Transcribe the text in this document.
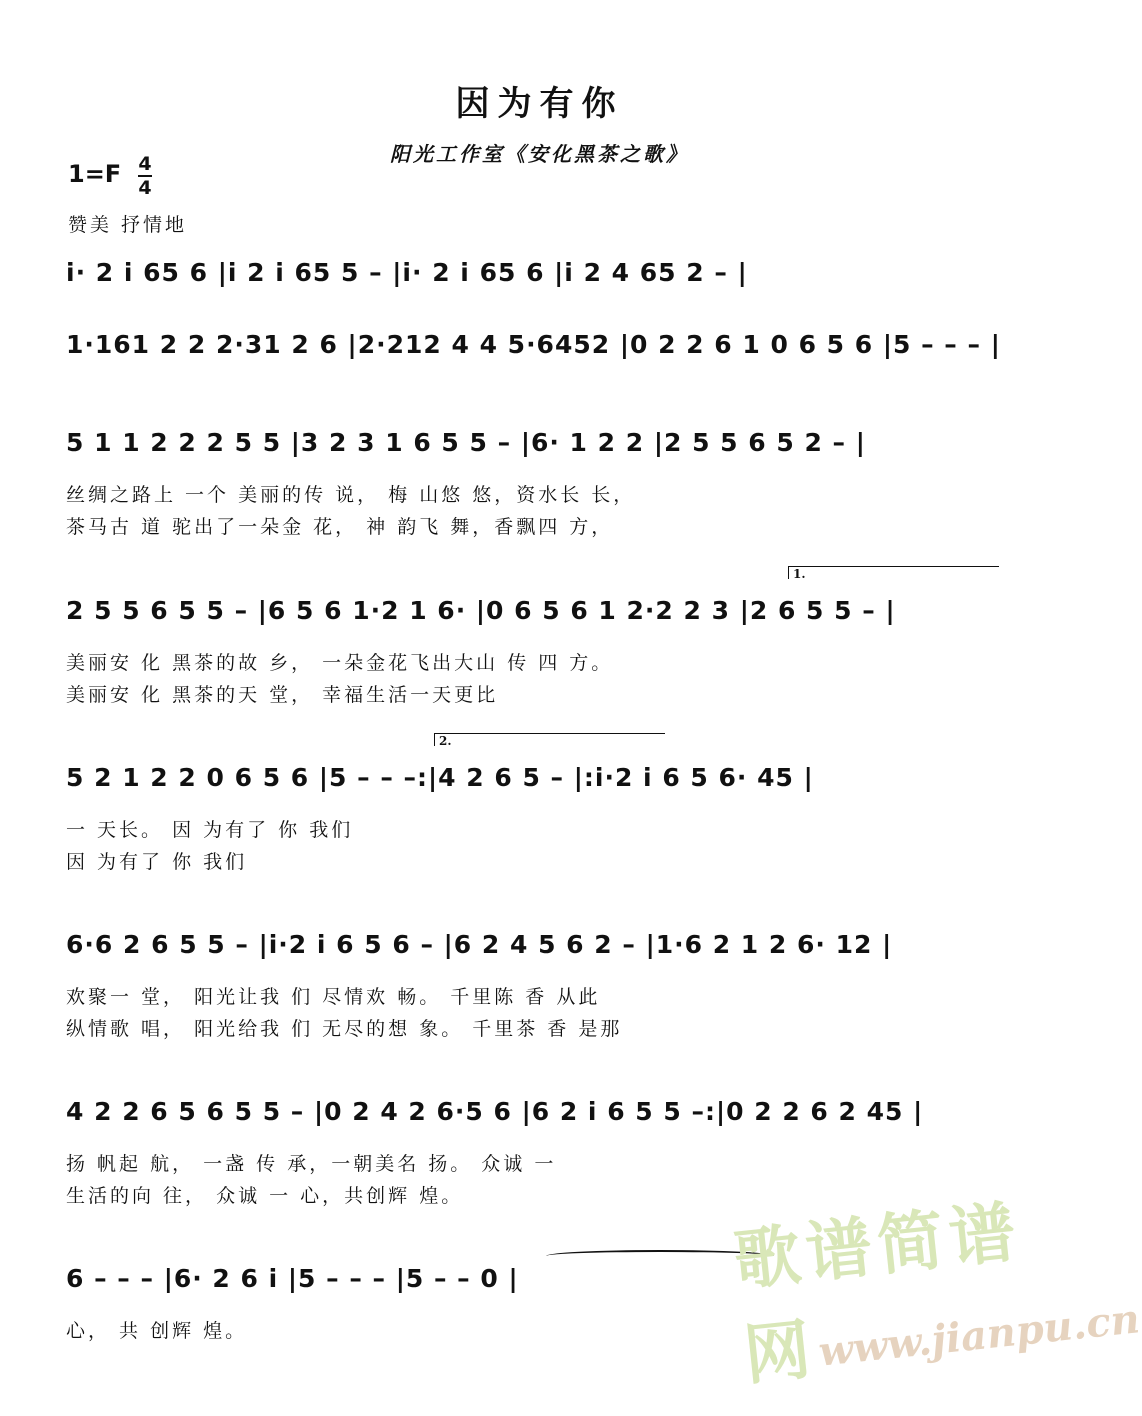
因为有你
阳光工作室《安化黑茶之歌》
1=F 4
4
赞美 抒情地
i· 2 i 65 6 |i 2 i 65 5 – |i· 2 i 65 6 |i 2 4 65 2 – |
1·161 2 2 2·31 2 6 |2·212 4 4 5·6452 |0 2 2 6 1 0 6 5 6 |5 – – – |
5 1 1 2 2 2 5 5 |3 2 3 1 6 5 5 – |6· 1 2 2 |2 5 5 6 5 2 – |
丝绸之路上 一个 美丽的传 说， 梅 山悠 悠，资水长 长，
茶马古 道 驼出了一朵金 花， 神 韵飞 舞，香飘四 方，
1.
2 5 5 6 5 5 – |6 5 6 1·2 1 6· |0 6 5 6 1 2·2 2 3 |2 6 5 5 – |
美丽安 化 黑茶的故 乡， 一朵金花飞出大山 传 四 方。
美丽安 化 黑茶的天 堂， 幸福生活一天更比
2.
5 2 1 2 2 0 6 5 6 |5 – – –:|4 2 6 5 – |:i·2 i 6 5 6· 45 |
一 天长。 因 为有了 你 我们
因 为有了 你 我们
6·6 2 6 5 5 – |i·2 i 6 5 6 – |6 2 4 5 6 2 – |1·6 2 1 2 6· 12 |
欢聚一 堂， 阳光让我 们 尽情欢 畅。 千里陈 香 从此
纵情歌 唱， 阳光给我 们 无尽的想 象。 千里茶 香 是那
4 2 2 6 5 6 5 5 – |0 2 4 2 6·5 6 |6 2 i 6 5 5 –:|0 2 2 6 2 45 |
扬 帆起 航， 一盏 传 承，一朝美名 扬。 众诚 一
生活的向 往， 众诚 一 心，共创辉 煌。
6 – – – |6· 2 6 i |5 – – – |5 – – 0 |
心， 共 创辉 煌。
歌谱简谱网
www.jianpu.cn
